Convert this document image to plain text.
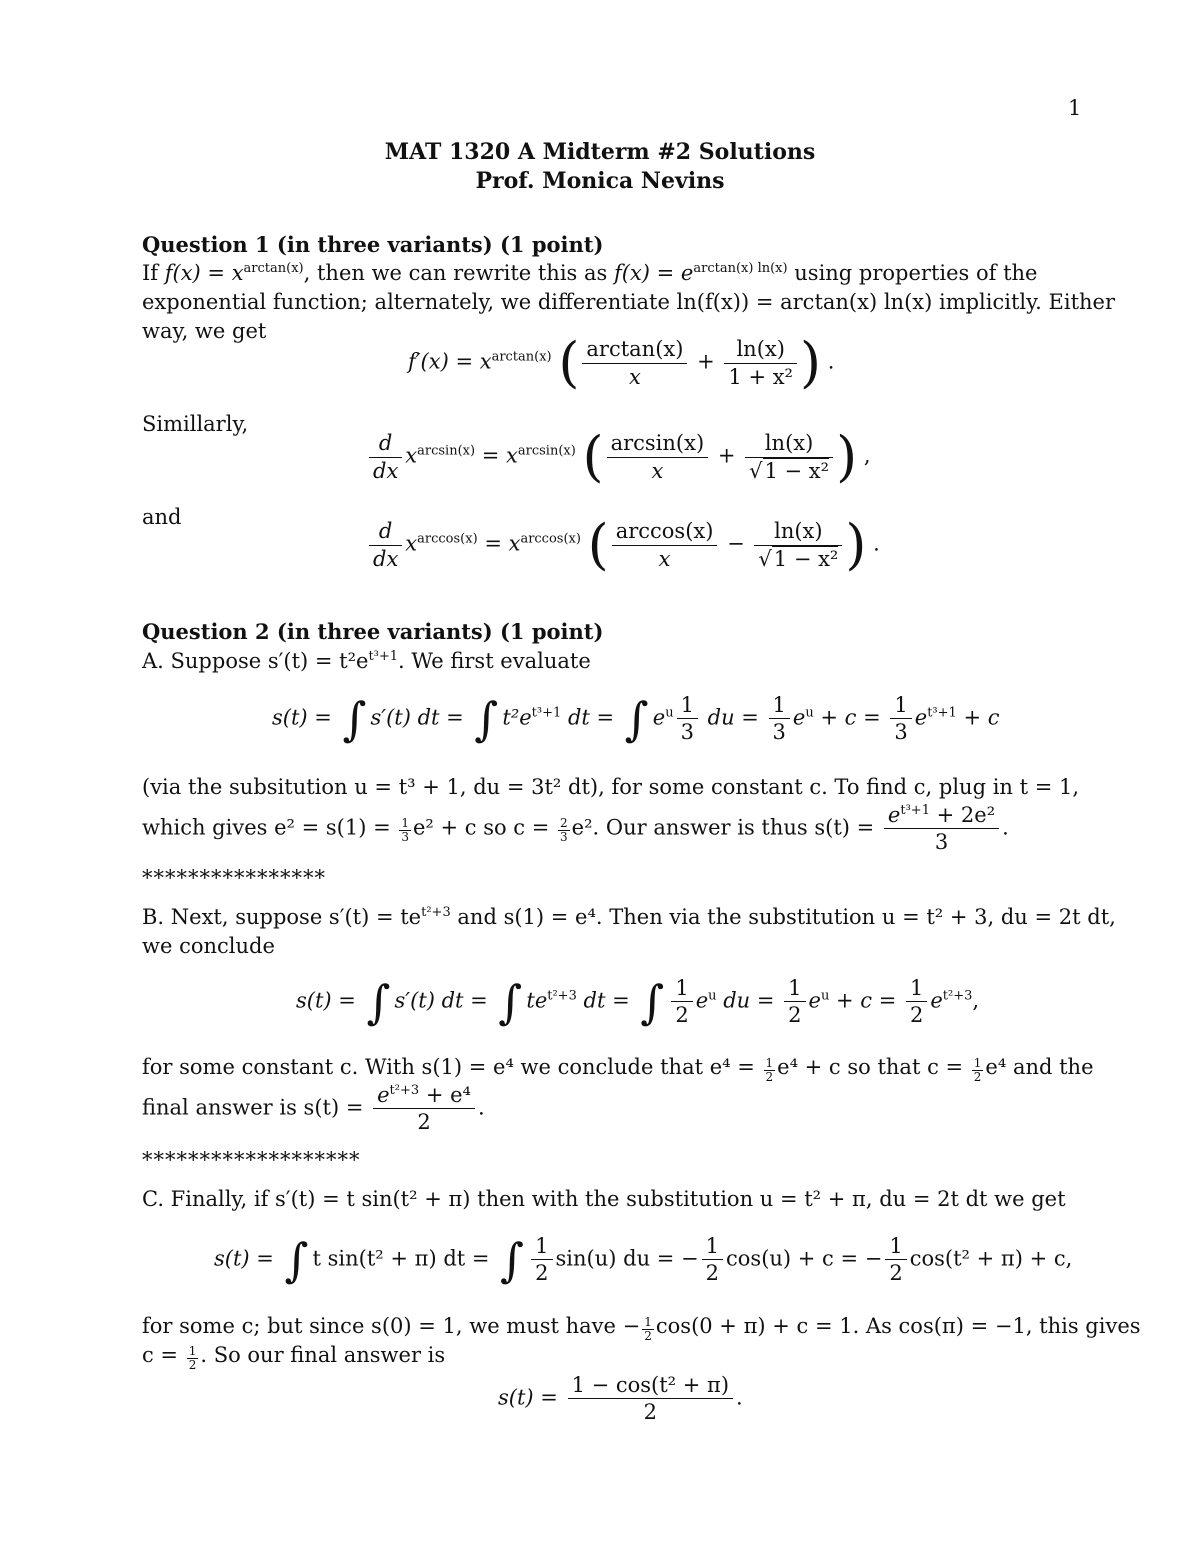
1
MAT 1320 A Midterm #2 Solutions
Prof. Monica Nevins
Question 1 (in three variants) (1 point)
If $f(x) = x^{arctan(x)}$, then we can rewrite this as $f(x) = e^{arctan(x) ln(x)}$ using properties of the
exponential function; alternately, we differentiate ln(f(x)) = arctan(x) ln(x) implicitly. Either
way, we get
$f'(x) = x^{arctan(x)}$ ( $\frac{\arctan(x)}{x} + \frac{\ln(x)}{\text{1 + x²}}$ ) .
Simillarly,
$\frac{d}{dx} x^{arcsin(x)} = x^{arcsin(x)}$ ( $\frac{\arcsin(x)}{x} + \frac{\ln(x)}{\text{√1 − x²}}$ ) ,
and
$\frac{d}{dx} x^{arccos(x)} = x^{arccos(x)}$ ( $\frac{\arccos(x)}{x} - \frac{\ln(x)}{\text{√1 − x²}}$ ) .
Question 2 (in three variants) (1 point)
A. Suppose $s'(t) = t^2e^{t^3+1}$. We first evaluate
s(t) = ∫ s′(t) dt = ∫ $t^2e^{t^3+1}$ dt = ∫ $e^u \frac{1}{3}$ du = $\frac{1}{3} e^u + c = \frac{1}{3} e^{t^3+1} + c$
(via the subsitution u = t³ + 1, du = 3t² dt), for some constant c. To find c, plug in t = 1,
which gives $e^2 = s(1) = \frac{1}{3} e^2 + c$ so $c = \frac{2}{3} e^2$. Our answer is thus $s(t) = \frac{e^{t^3+1} + 2e^2}{3}$ .
****************
B. Next, suppose $s'(t) = te^{t^2+3}$ and s(1) = e⁴. Then via the substitution u = t² + 3, du = 2t dt,
we conclude
s(t) = ∫ s′(t) dt = ∫ $te^{t^2+3}$ dt = ∫ $\frac{1}{2} e^u$ du = $\frac{1}{2} e^u + c = \frac{1}{2} e^{t^2+3}$,
for some constant c. With s(1) = e⁴ we conclude that $e^4 = \frac{1}{2} e^4 + c$ so that $c = \frac{1}{2} e^4$ and the
final answer is $s(t) = \frac{e^{t^2+3} + e^4}{2}$ .
*******************
C. Finally, if s′(t) = t sin(t² + π) then with the substitution u = t² + π, du = 2t dt we get
s(t) = ∫ t sin(t² + π) dt = ∫ $\frac{1}{2} \sin(u)$ du = − $\frac{1}{2} \cos(u) + c$ = − $\frac{1}{2} \cos(t^2 + \pi) + c$,
for some c; but since s(0) = 1, we must have − $\frac{1}{2} \cos(0 + \pi) + c = 1$. As cos(π) = −1, this gives
$c = \frac{1}{2}$ . So our final answer is
$s(t) = \frac{\text{1 − cos(t² + π)}}{2}$ .
